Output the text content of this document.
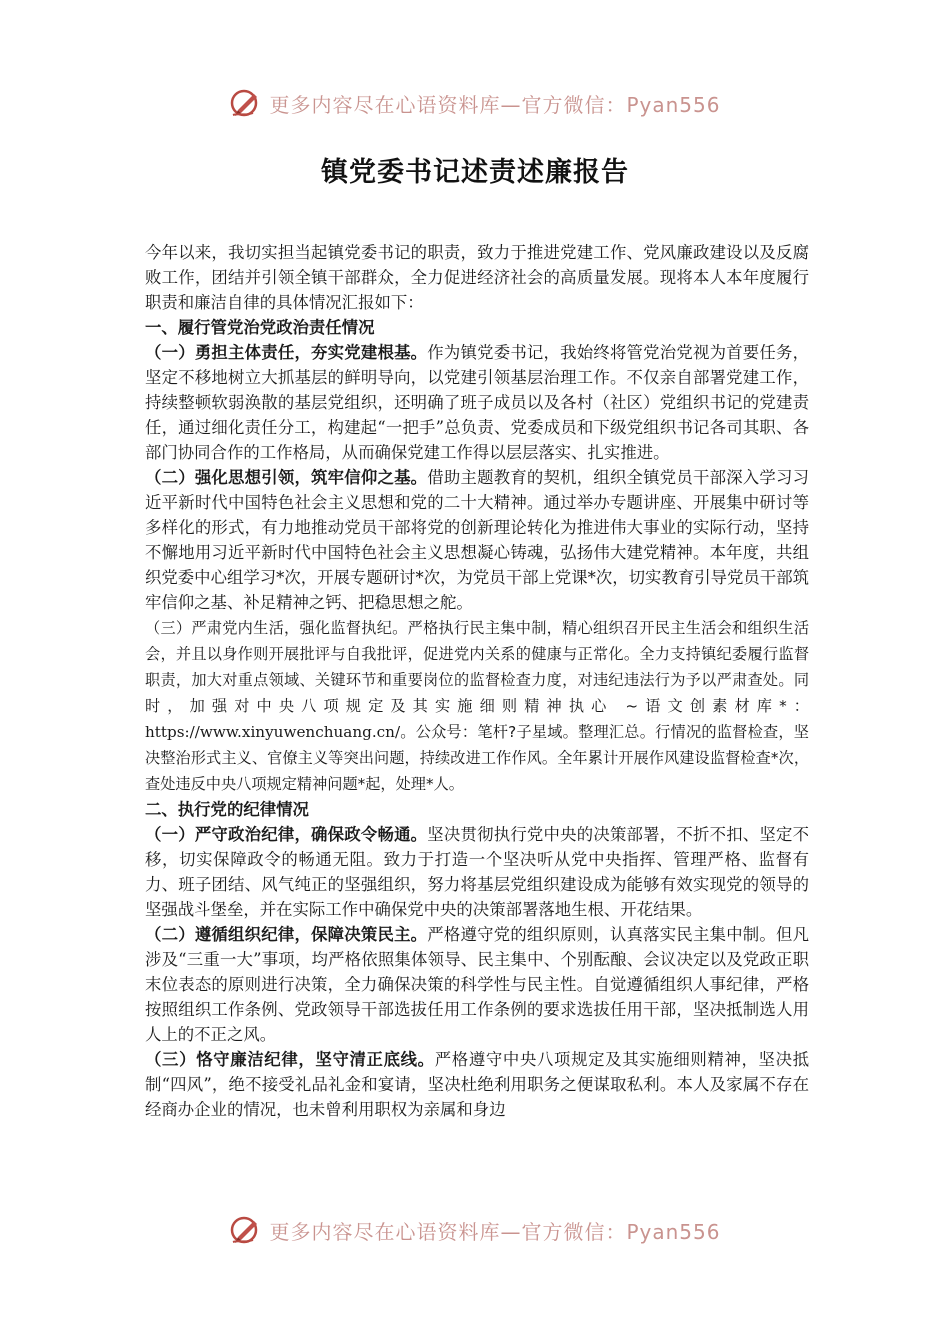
更多内容尽在心语资料库—官方微信：Pyan556
镇党委书记述责述廉报告

今年以来，我切实担当起镇党委书记的职责，致力于推进党建工作、党风廉政建设以及反腐败工作，团结并引领全镇干部群众，全力促进经济社会的高质量发展。现将本人本年度履行职责和廉洁自律的具体情况汇报如下：

一、履行管党治党政治责任情况

（一）勇担主体责任，夯实党建根基。作为镇党委书记，我始终将管党治党视为首要任务，坚定不移地树立大抓基层的鲜明导向，以党建引领基层治理工作。不仅亲自部署党建工作，持续整顿软弱涣散的基层党组织，还明确了班子成员以及各村（社区）党组织书记的党建责任，通过细化责任分工，构建起“一把手”总负责、党委成员和下级党组织书记各司其职、各部门协同合作的工作格局，从而确保党建工作得以层层落实、扎实推进。

（二）强化思想引领，筑牢信仰之基。借助主题教育的契机，组织全镇党员干部深入学习习近平新时代中国特色社会主义思想和党的二十大精神。通过举办专题讲座、开展集中研讨等多样化的形式，有力地推动党员干部将党的创新理论转化为推进伟大事业的实际行动，坚持不懈地用习近平新时代中国特色社会主义思想凝心铸魂，弘扬伟大建党精神。本年度，共组织党委中心组学习*次，开展专题研讨*次，为党员干部上党课*次，切实教育引导党员干部筑牢信仰之基、补足精神之钙、把稳思想之舵。

（三）严肃党内生活，强化监督执纪。严格执行民主集中制，精心组织召开民主生活会和组织生活会，并且以身作则开展批评与自我批评，促进党内关系的健康与正常化。全力支持镇纪委履行监督职责，加大对重点领域、关键环节和重要岗位的监督检查力度，对违纪违法行为予以严肃查处。同时，加强对中央八项规定及其实施细则精神执心 ~语文创素材库*：https://www.xinyuwenchuang.cn/。公众号：笔杆?子星域。整理汇总。行情况的监督检查，坚决整治形式主义、官僚主义等突出问题，持续改进工作作风。全年累计开展作风建设监督检查*次，查处违反中央八项规定精神问题*起，处理*人。

二、执行党的纪律情况

（一）严守政治纪律，确保政令畅通。坚决贯彻执行党中央的决策部署，不折不扣、坚定不移，切实保障政令的畅通无阻。致力于打造一个坚决听从党中央指挥、管理严格、监督有力、班子团结、风气纯正的坚强组织，努力将基层党组织建设成为能够有效实现党的领导的坚强战斗堡垒，并在实际工作中确保党中央的决策部署落地生根、开花结果。

（二）遵循组织纪律，保障决策民主。严格遵守党的组织原则，认真落实民主集中制。但凡涉及“三重一大”事项，均严格依照集体领导、民主集中、个别酝酿、会议决定以及党政正职末位表态的原则进行决策，全力确保决策的科学性与民主性。自觉遵循组织人事纪律，严格按照组织工作条例、党政领导干部选拔任用工作条例的要求选拔任用干部，坚决抵制选人用人上的不正之风。

（三）恪守廉洁纪律，坚守清正底线。严格遵守中央八项规定及其实施细则精神，坚决抵制“四风”，绝不接受礼品礼金和宴请，坚决杜绝利用职务之便谋取私利。本人及家属不存在经商办企业的情况，也未曾利用职权为亲属和身边

更多内容尽在心语资料库—官方微信：Pyan556
